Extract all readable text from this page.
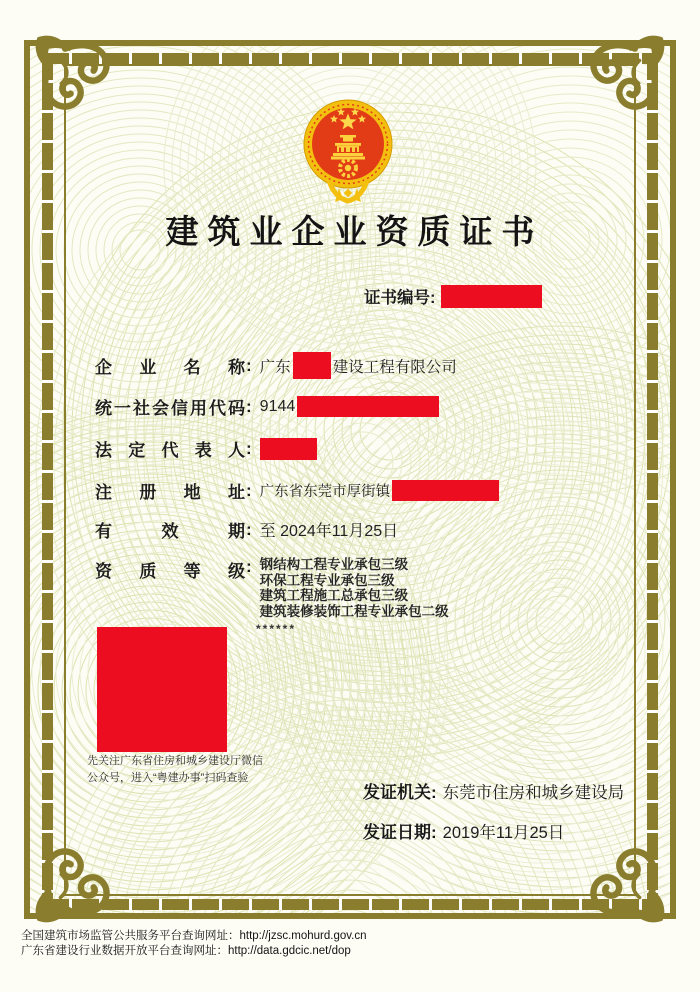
建筑业企业资质证书
证书编号:
企业名称 : 广东	建设工程有限公司
统一社会信用代码 : 9144
法定代表人 :
注册地址 : 广东省东莞市厚街镇
有效期 : 至 2024年11月25日
资质等级 : 钢结构工程专业承包三级
环保工程专业承包三级
建筑工程施工总承包三级
建筑装修装饰工程专业承包二级
******
先关注广东省住房和城乡建设厅微信
公众号，进入“粤建办事”扫码查验
发证机关: 东莞市住房和城乡建设局
发证日期: 2019年11月25日
全国建筑市场监管公共服务平台查询网址：http://jzsc.mohurd.gov.cn
广东省建设行业数据开放平台查询网址：http://data.gdcic.net/dop
